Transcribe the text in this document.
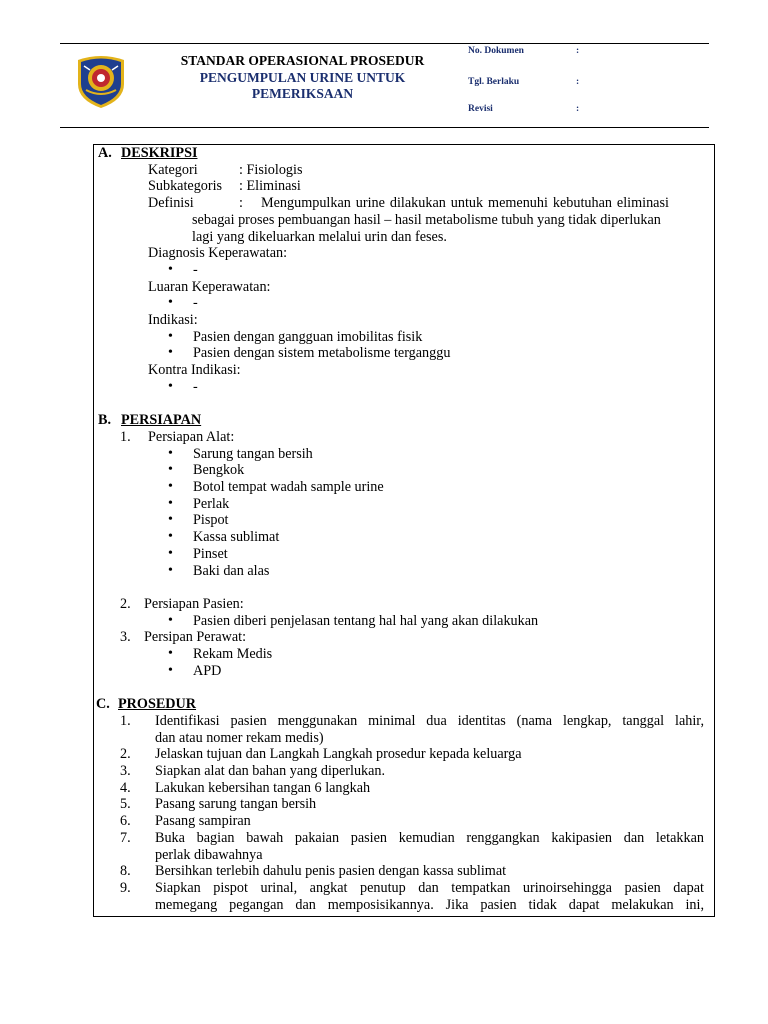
STANDAR OPERASIONAL PROSEDUR
PENGUMPULAN URINE UNTUK
PEMERIKSAAN
No. Dokumen	:
Tgl. Berlaku	:
Revisi	:
A. DESKRIPSI
Kategori	: Fisiologis
Subkategoris : Eliminasi
Definisi	: Mengumpulkan urine dilakukan untuk memenuhi kebutuhan eliminasi
sebagai proses pembuangan hasil – hasil metabolisme tubuh yang tidak diperlukan
lagi yang dikeluarkan melalui urin dan feses.
Diagnosis Keperawatan:
• -
Luaran Keperawatan:
• -
Indikasi:
• Pasien dengan gangguan imobilitas fisik
• Pasien dengan sistem metabolisme terganggu
Kontra Indikasi:
• -
B. PERSIAPAN
1. Persiapan Alat:
• Sarung tangan bersih
• Bengkok
• Botol tempat wadah sample urine
• Perlak
• Pispot
• Kassa sublimat
• Pinset
• Baki dan alas
2. Persiapan Pasien:
• Pasien diberi penjelasan tentang hal hal yang akan dilakukan
3. Persipan Perawat:
• Rekam Medis
• APD
C. PROSEDUR
1. Identifikasi pasien menggunakan minimal dua identitas (nama lengkap, tanggal lahir,
dan atau nomer rekam medis)
2. Jelaskan tujuan dan Langkah Langkah prosedur kepada keluarga
3. Siapkan alat dan bahan yang diperlukan.
4. Lakukan kebersihan tangan 6 langkah
5. Pasang sarung tangan bersih
6. Pasang sampiran
7. Buka bagian bawah pakaian pasien kemudian renggangkan kakipasien dan letakkan
perlak dibawahnya
8. Bersihkan terlebih dahulu penis pasien dengan kassa sublimat
9. Siapkan pispot urinal, angkat penutup dan tempatkan urinoirsehingga pasien dapat
memegang pegangan dan memposisikannya. Jika pasien tidak dapat melakukan ini,
